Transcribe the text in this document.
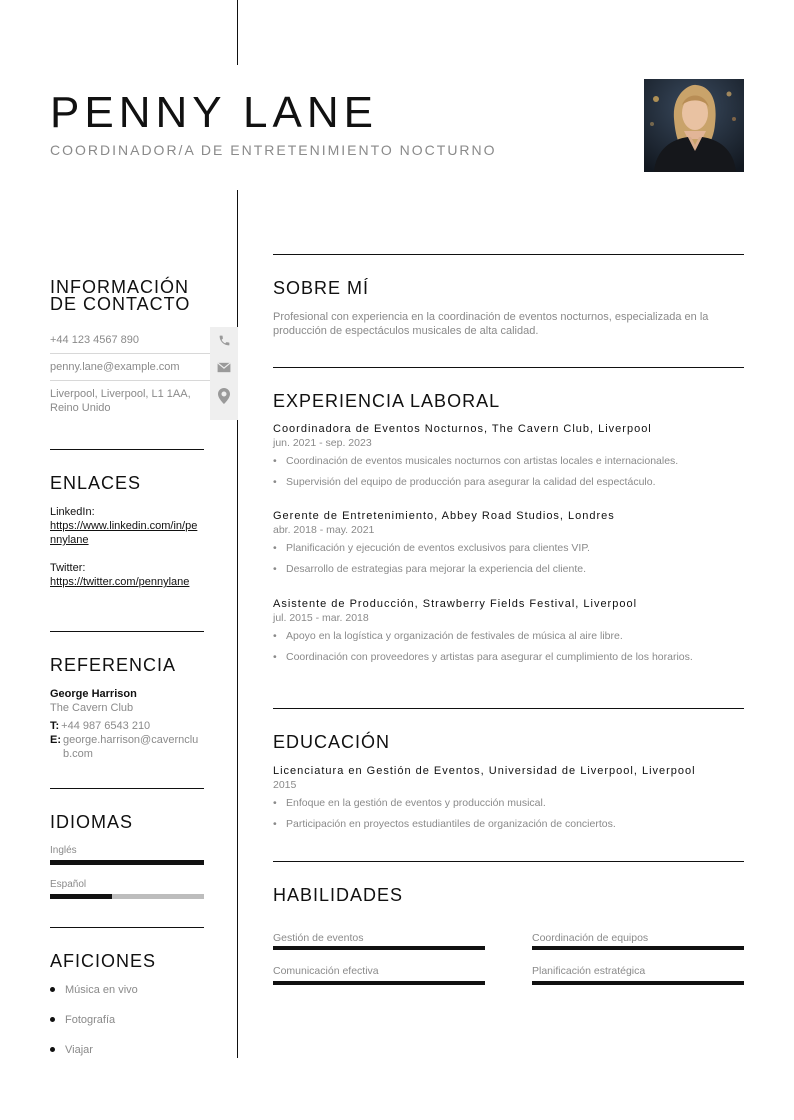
PENNY LANE
COORDINADOR/A DE ENTRETENIMIENTO NOCTURNO
INFORMACIÓN
DE CONTACTO
+44 123 4567 890
penny.lane@example.com
Liverpool, Liverpool, L1 1AA, Reino Unido
ENLACES
LinkedIn:
https://www.linkedin.com/in/pennylane
Twitter:
https://twitter.com/pennylane
REFERENCIA
George Harrison
The Cavern Club
T: +44 987 6543 210
E: george.harrison@cavernclub.com
IDIOMAS
Inglés
Español
AFICIONES
Música en vivo
Fotografía
Viajar
SOBRE MÍ
Profesional con experiencia en la coordinación de eventos nocturnos, especializada en la producción de espectáculos musicales de alta calidad.
EXPERIENCIA LABORAL
Coordinadora de Eventos Nocturnos, The Cavern Club, Liverpool
jun. 2021 - sep. 2023
• Coordinación de eventos musicales nocturnos con artistas locales e internacionales.
• Supervisión del equipo de producción para asegurar la calidad del espectáculo.
Gerente de Entretenimiento, Abbey Road Studios, Londres
abr. 2018 - may. 2021
• Planificación y ejecución de eventos exclusivos para clientes VIP.
• Desarrollo de estrategias para mejorar la experiencia del cliente.
Asistente de Producción, Strawberry Fields Festival, Liverpool
jul. 2015 - mar. 2018
• Apoyo en la logística y organización de festivales de música al aire libre.
• Coordinación con proveedores y artistas para asegurar el cumplimiento de los horarios.
EDUCACIÓN
Licenciatura en Gestión de Eventos, Universidad de Liverpool, Liverpool
2015
• Enfoque en la gestión de eventos y producción musical.
• Participación en proyectos estudiantiles de organización de conciertos.
HABILIDADES
Gestión de eventos	Coordinación de equipos
Comunicación efectiva	Planificación estratégica
